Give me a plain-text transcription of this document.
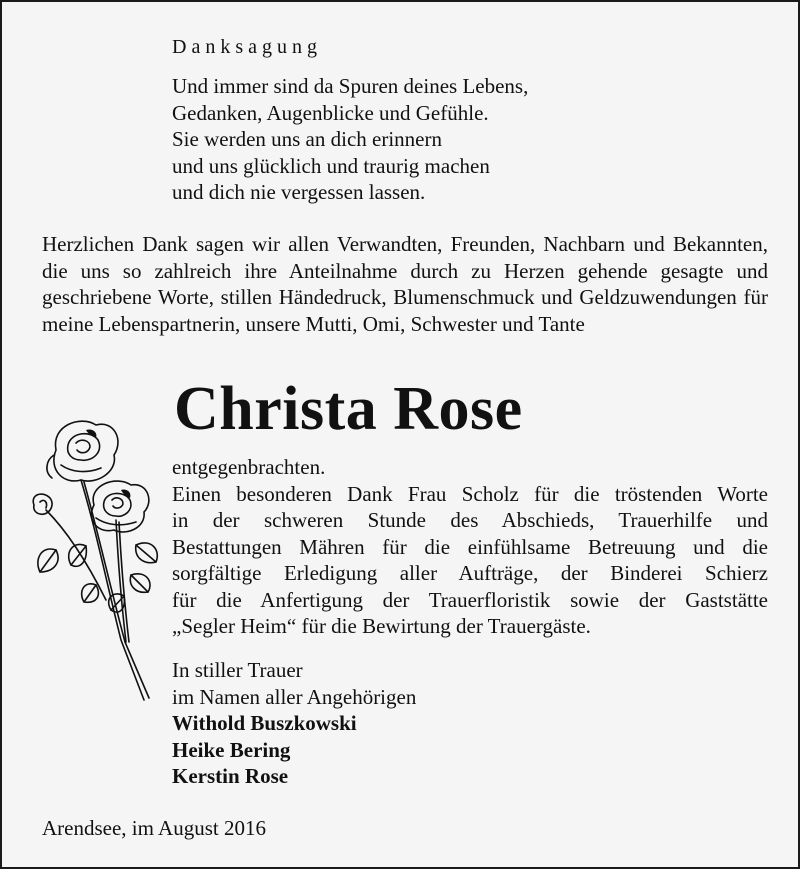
Danksagung
Und immer sind da Spuren deines Lebens,
Gedanken, Augenblicke und Gefühle.
Sie werden uns an dich erinnern
und uns glücklich und traurig machen
und dich nie vergessen lassen.
Herzlichen Dank sagen wir allen Verwandten, Freunden, Nachbarn und Bekannten, die uns so zahlreich ihre Anteilnahme durch zu Herzen gehende gesagte und geschriebene Worte, stillen Händedruck, Blumenschmuck und Geldzuwendungen für meine Lebenspartnerin, unsere Mutti, Omi, Schwester und Tante
Christa Rose
entgegenbrachten.
Einen besonderen Dank Frau Scholz für die tröstenden Worte
in der schweren Stunde des Abschieds, Trauerhilfe und
Bestattungen Mähren für die einfühlsame Betreuung und die
sorgfältige Erledigung aller Aufträge, der Binderei Schierz
für die Anfertigung der Trauerfloristik sowie der Gaststätte
„Segler Heim“ für die Bewirtung der Trauergäste.
In stiller Trauer
im Namen aller Angehörigen
Withold Buszkowski
Heike Bering
Kerstin Rose
Arendsee, im August 2016
